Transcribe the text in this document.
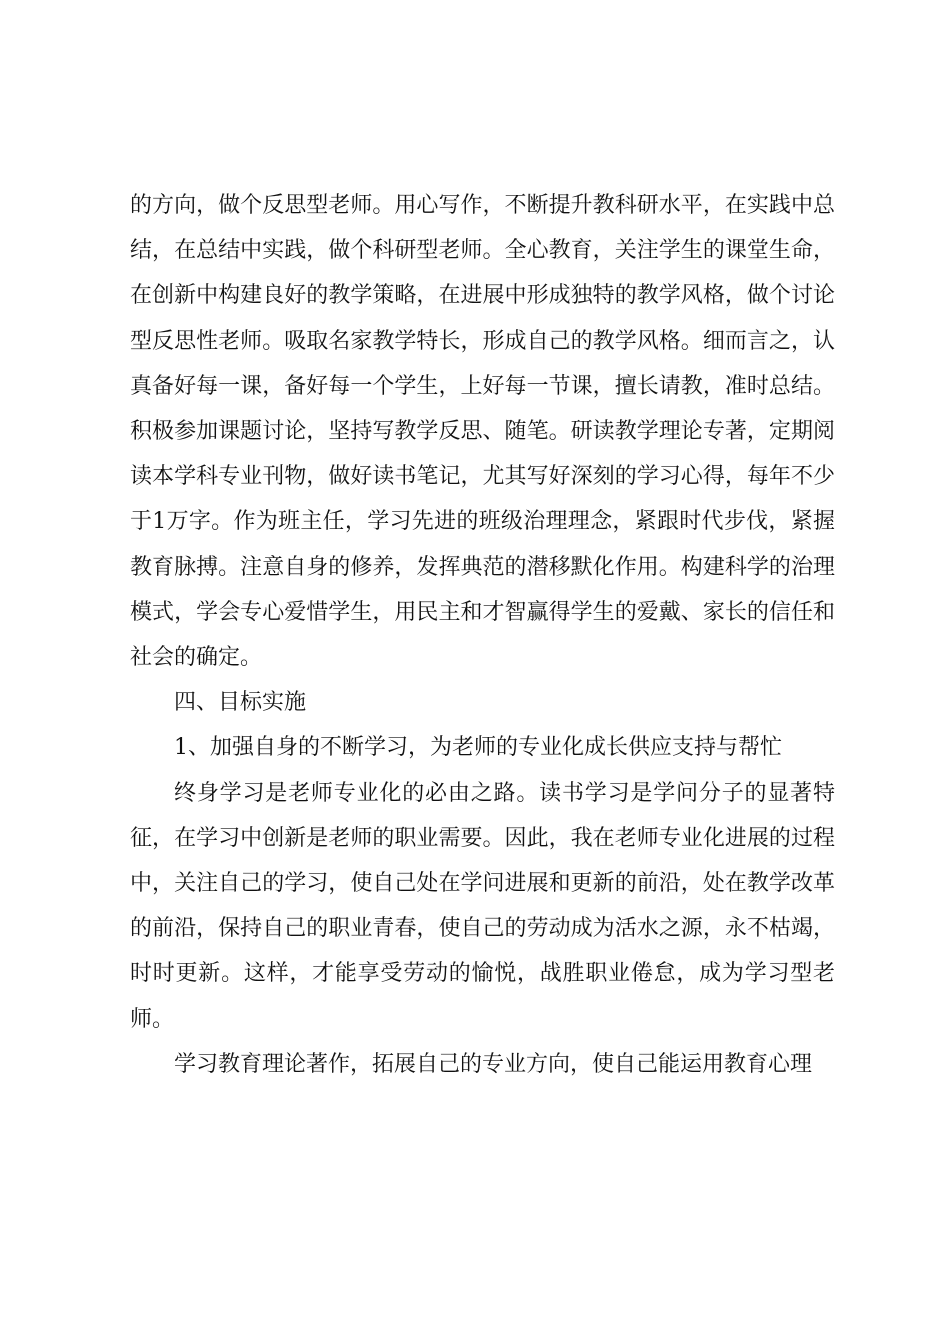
的方向，做个反思型老师。用心写作，不断提升教科研水平，在实践中总结，在总结中实践，做个科研型老师。全心教育，关注学生的课堂生命，在创新中构建良好的教学策略，在进展中形成独特的教学风格，做个讨论型反思性老师。吸取名家教学特长，形成自己的教学风格。细而言之，认真备好每一课，备好每一个学生，上好每一节课，擅长请教，准时总结。积极参加课题讨论，坚持写教学反思、随笔。研读教学理论专著，定期阅读本学科专业刊物，做好读书笔记，尤其写好深刻的学习心得，每年不少于1万字。作为班主任，学习先进的班级治理理念，紧跟时代步伐，紧握教育脉搏。注意自身的修养，发挥典范的潜移默化作用。构建科学的治理模式，学会专心爱惜学生，用民主和才智赢得学生的爱戴、家长的信任和社会的确定。

四、目标实施

1、加强自身的不断学习，为老师的专业化成长供应支持与帮忙

终身学习是老师专业化的必由之路。读书学习是学问分子的显著特征，在学习中创新是老师的职业需要。因此，我在老师专业化进展的过程中，关注自己的学习，使自己处在学问进展和更新的前沿，处在教学改革的前沿，保持自己的职业青春，使自己的劳动成为活水之源，永不枯竭，时时更新。这样，才能享受劳动的愉悦，战胜职业倦怠，成为学习型老师。

学习教育理论著作，拓展自己的专业方向，使自己能运用教育心理
